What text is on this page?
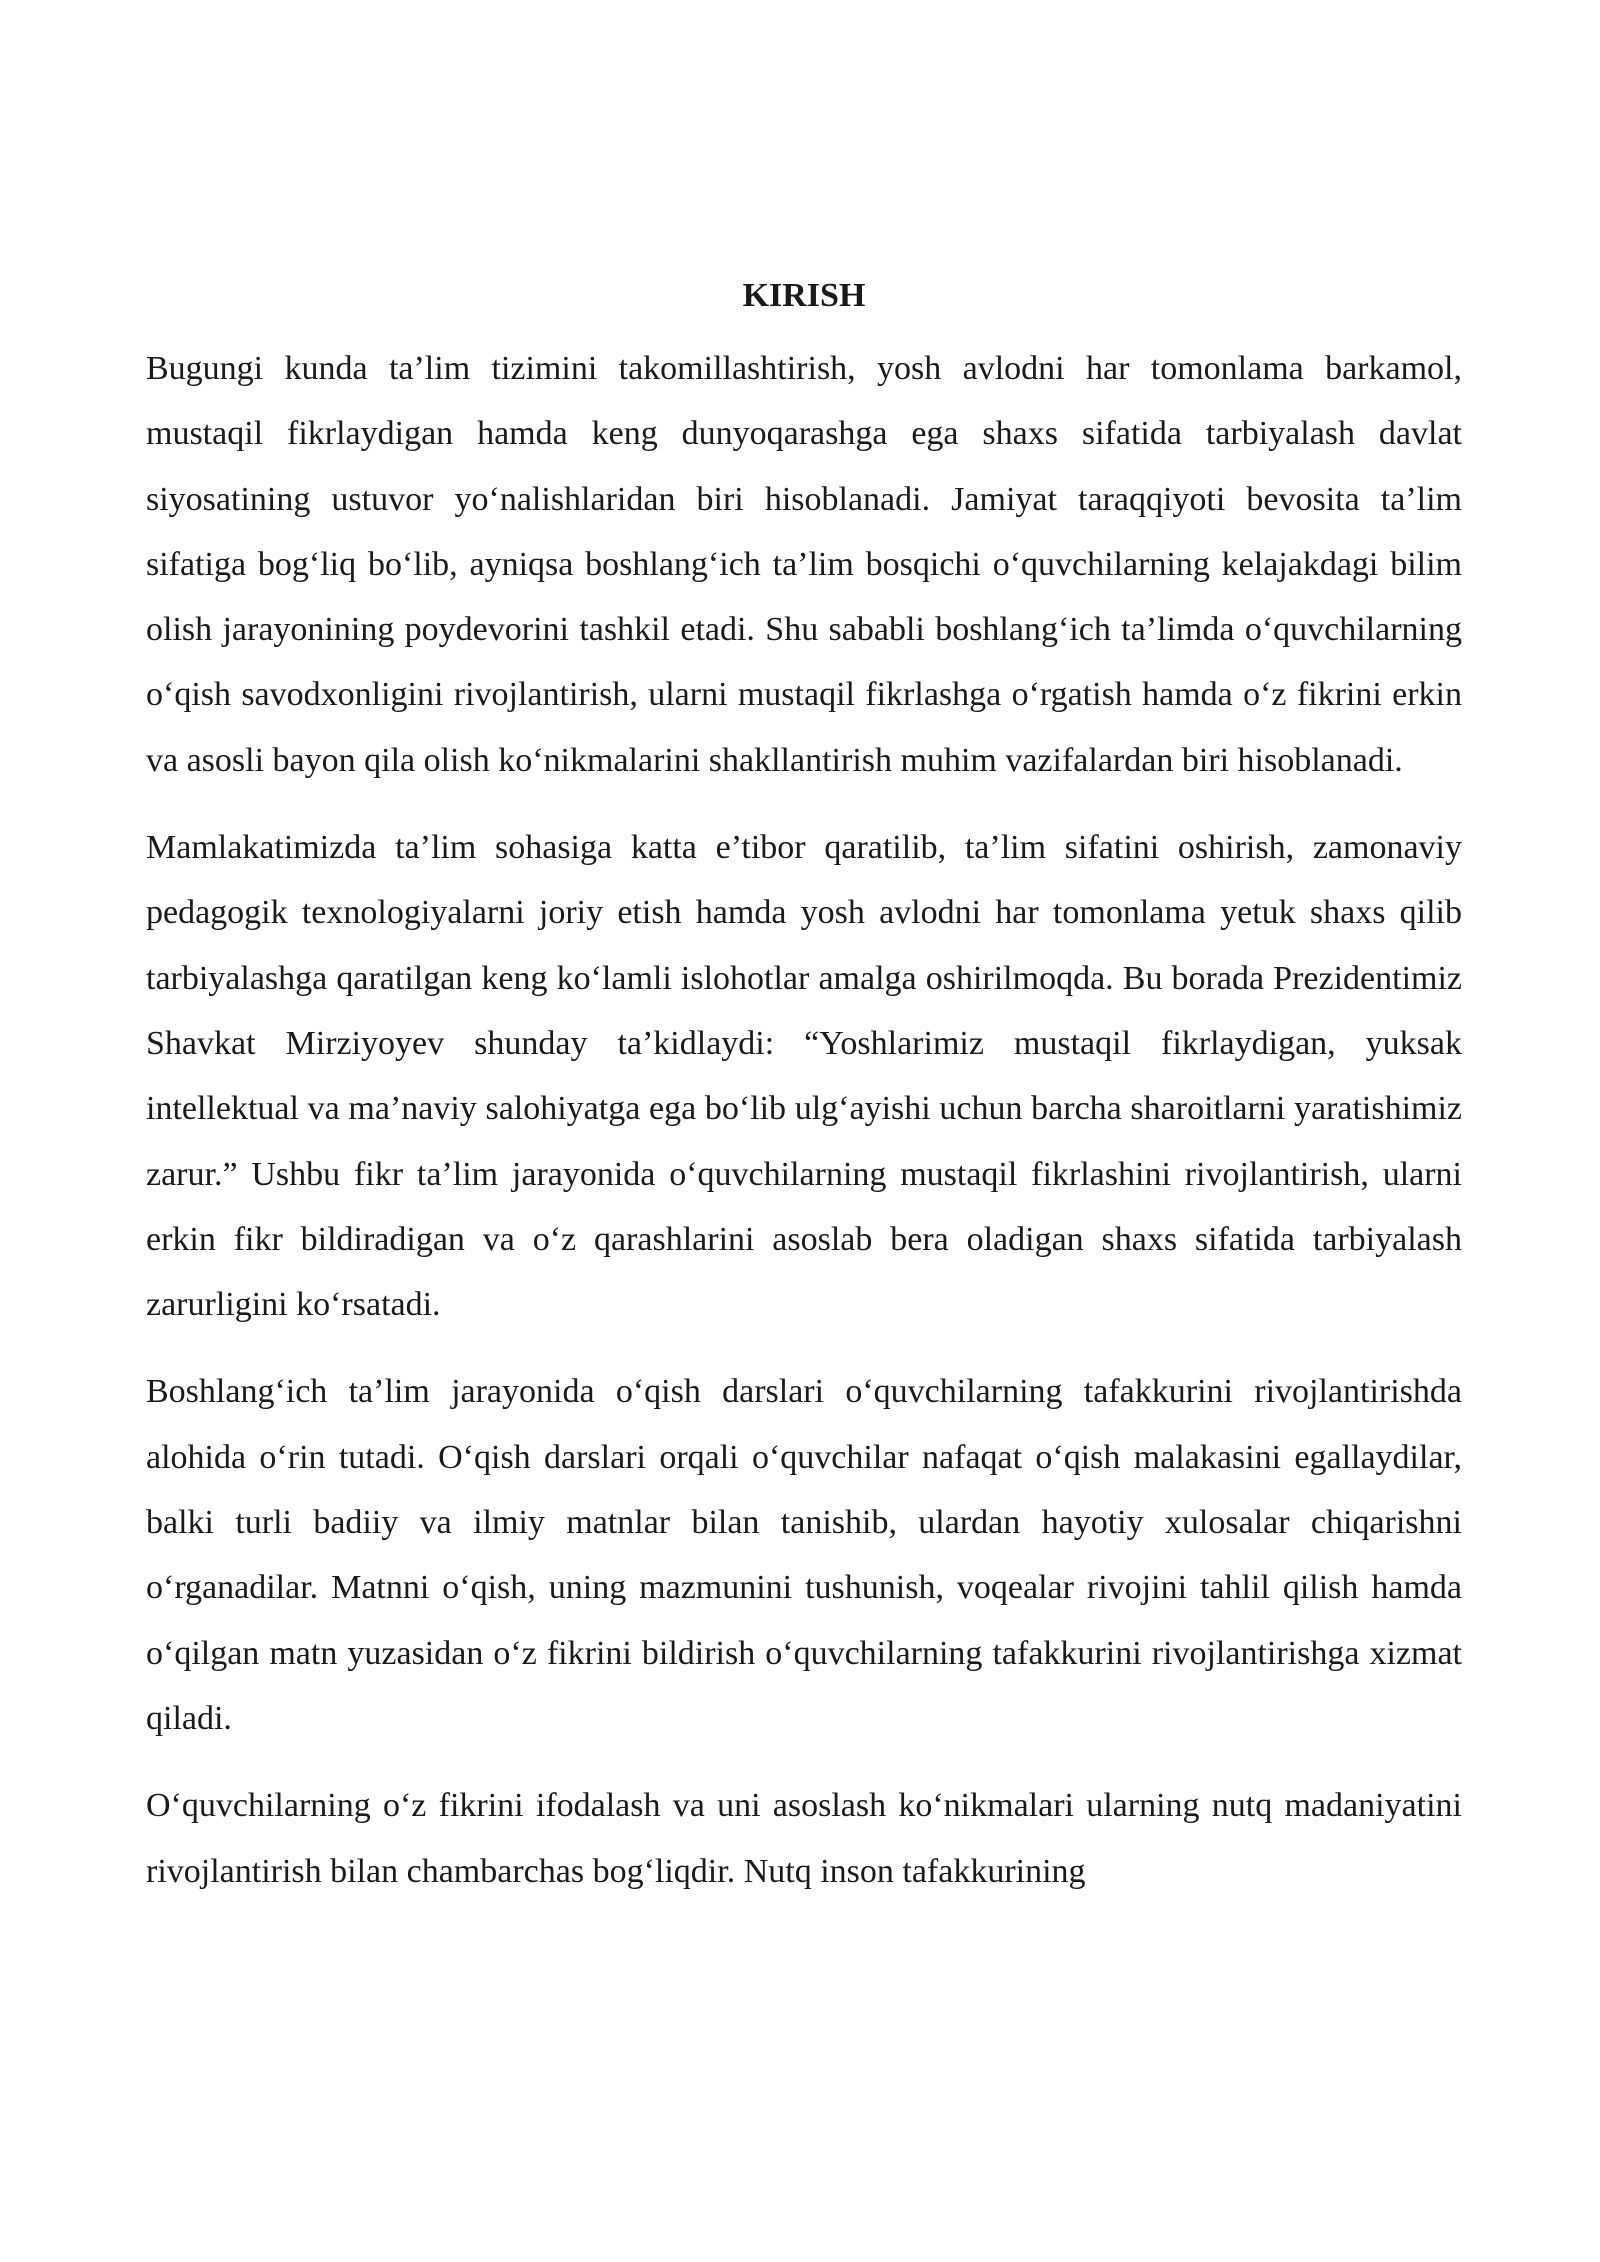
KIRISH

Bugungi kunda ta’lim tizimini takomillashtirish, yosh avlodni har tomonlama barkamol, mustaqil fikrlaydigan hamda keng dunyoqarashga ega shaxs sifatida tarbiyalash davlat siyosatining ustuvor yo‘nalishlaridan biri hisoblanadi. Jamiyat taraqqiyoti bevosita ta’lim sifatiga bog‘liq bo‘lib, ayniqsa boshlang‘ich ta’lim bosqichi o‘quvchilarning kelajakdagi bilim olish jarayonining poydevorini tashkil etadi. Shu sababli boshlang‘ich ta’limda o‘quvchilarning o‘qish savodxonligini rivojlantirish, ularni mustaqil fikrlashga o‘rgatish hamda o‘z fikrini erkin va asosli bayon qila olish ko‘nikmalarini shakllantirish muhim vazifalardan biri hisoblanadi.

Mamlakatimizda ta’lim sohasiga katta e’tibor qaratilib, ta’lim sifatini oshirish, zamonaviy pedagogik texnologiyalarni joriy etish hamda yosh avlodni har tomonlama yetuk shaxs qilib tarbiyalashga qaratilgan keng ko‘lamli islohotlar amalga oshirilmoqda. Bu borada Prezidentimiz Shavkat Mirziyoyev shunday ta’kidlaydi: “Yoshlarimiz mustaqil fikrlaydigan, yuksak intellektual va ma’naviy salohiyatga ega bo‘lib ulg‘ayishi uchun barcha sharoitlarni yaratishimiz zarur.” Ushbu fikr ta’lim jarayonida o‘quvchilarning mustaqil fikrlashini rivojlantirish, ularni erkin fikr bildiradigan va o‘z qarashlarini asoslab bera oladigan shaxs sifatida tarbiyalash zarurligini ko‘rsatadi.

Boshlang‘ich ta’lim jarayonida o‘qish darslari o‘quvchilarning tafakkurini rivojlantirishda alohida o‘rin tutadi. O‘qish darslari orqali o‘quvchilar nafaqat o‘qish malakasini egallaydilar, balki turli badiiy va ilmiy matnlar bilan tanishib, ulardan hayotiy xulosalar chiqarishni o‘rganadilar. Matnni o‘qish, uning mazmunini tushunish, voqealar rivojini tahlil qilish hamda o‘qilgan matn yuzasidan o‘z fikrini bildirish o‘quvchilarning tafakkurini rivojlantirishga xizmat qiladi.

O‘quvchilarning o‘z fikrini ifodalash va uni asoslash ko‘nikmalari ularning nutq madaniyatini rivojlantirish bilan chambarchas bog‘liqdir. Nutq inson tafakkurining
